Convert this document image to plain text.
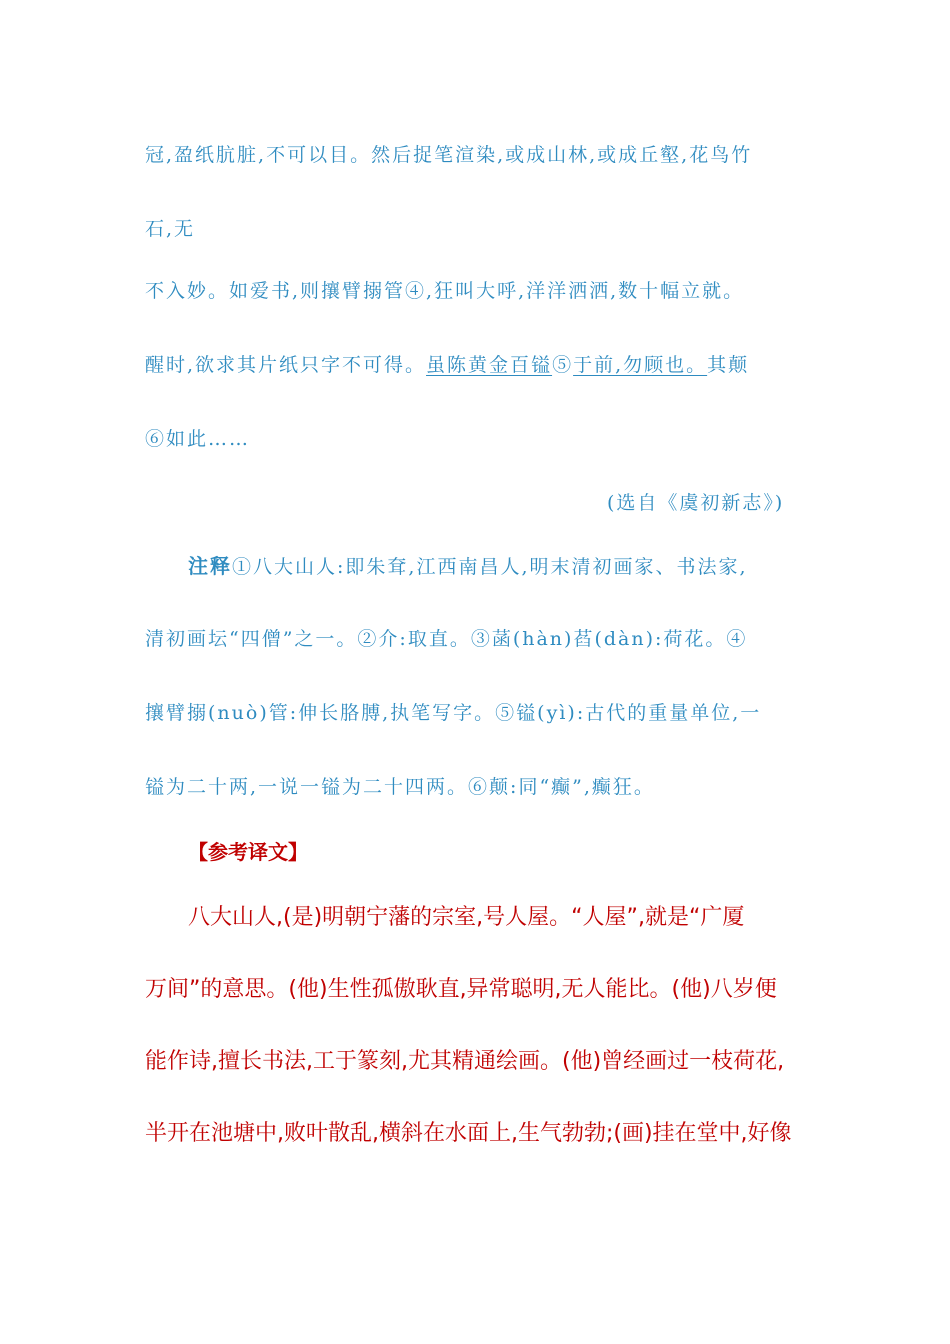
冠,盈纸肮脏,不可以目。然后捉笔渲染,或成山林,或成丘壑,花鸟竹
石,无
不入妙。如爱书,则攘臂搦管④,狂叫大呼,洋洋洒洒,数十幅立就。
醒时,欲求其片纸只字不可得。虽陈黄金百镒⑤于前,勿顾也。其颠
⑥如此……
(选自《虞初新志》)
注释①八大山人:即朱耷,江西南昌人,明末清初画家、书法家,
清初画坛“四僧”之一。②介:取直。③菡(hàn)萏(dàn):荷花。④
攘臂搦(nuò)管:伸长胳膊,执笔写字。⑤镒(yì):古代的重量单位,一
镒为二十两,一说一镒为二十四两。⑥颠:同“癫”,癫狂。
【参考译文】
八大山人,(是)明朝宁藩的宗室,号人屋。“人屋”,就是“广厦
万间”的意思。(他)生性孤傲耿直,异常聪明,无人能比。(他)八岁便
能作诗,擅长书法,工于篆刻,尤其精通绘画。(他)曾经画过一枝荷花,
半开在池塘中,败叶散乱,横斜在水面上,生气勃勃;(画)挂在堂中,好像
